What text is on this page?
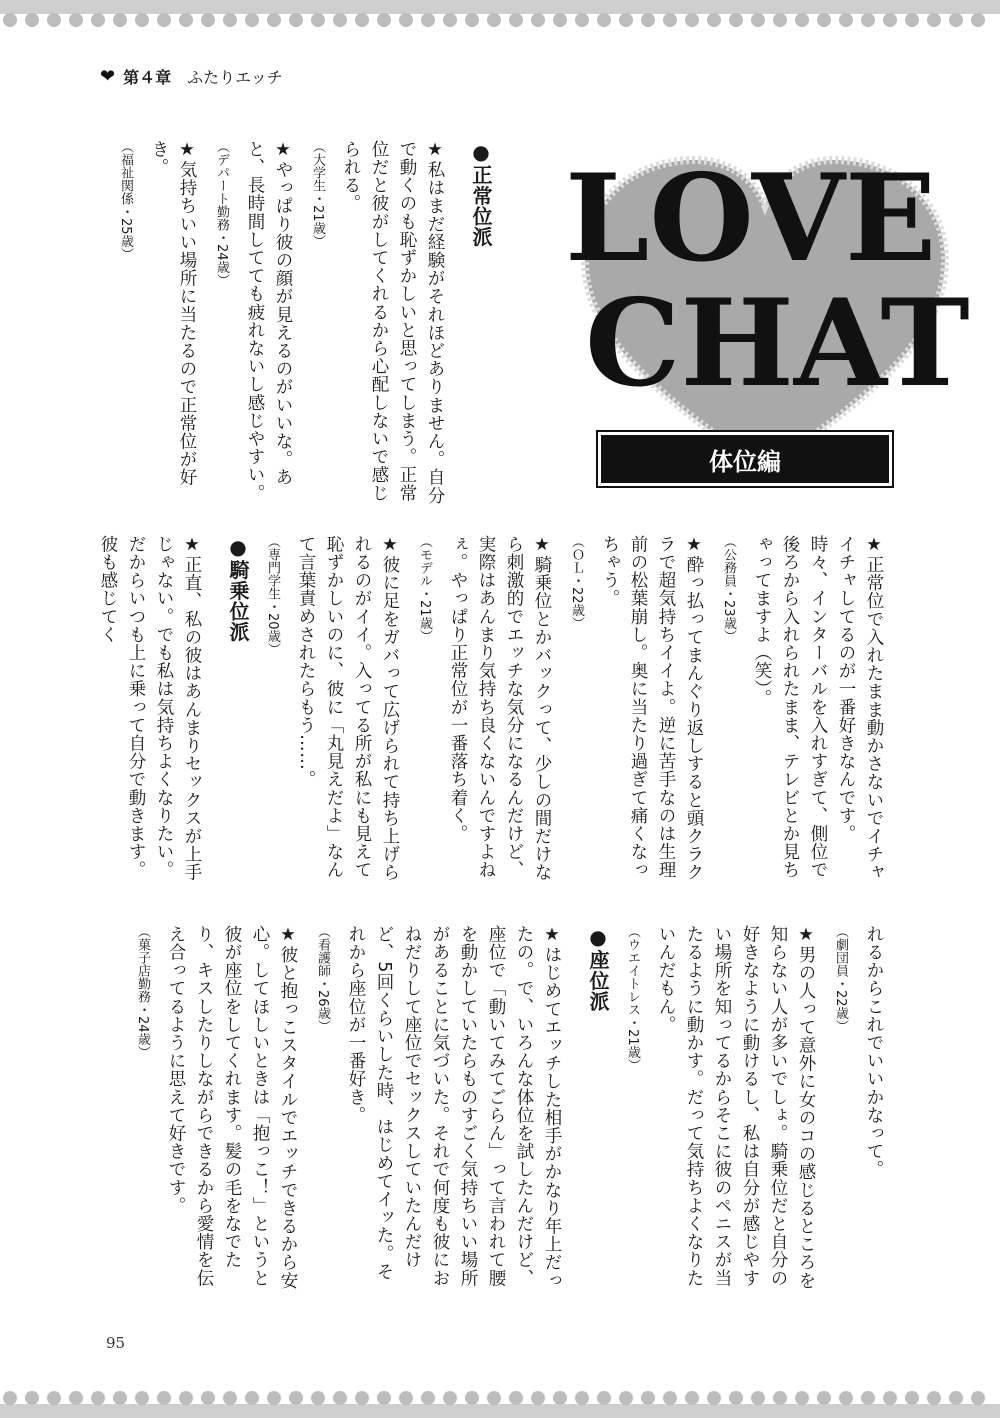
❤ 第４章 ふたりエッチ
LOVE
CHAT
体位編

●正常位派

★私はまだ経験がそれほどありません。自分で動くのも恥ずかしいと思ってしまう。正常位だと彼がしてくれるから心配しないで感じられる。

（大学生・21歳）

★やっぱり彼の顔が見えるのがいいな。あと、長時間してても疲れないし感じやすい。

（デパート勤務・24歳）

★気持ちいい場所に当たるので正常位が好き。

（福祉関係・25歳）

★正常位で入れたまま動かさないでイチャイチャしてるのが一番好きなんです。時々、インターバルを入れすぎて、側位で後ろから入れられたまま、テレビとか見ちゃってますよ（笑）。

（公務員・23歳）

★酔っ払ってまんぐり返しすると頭クラクラで超気持ちイイよ。逆に苦手なのは生理前の松葉崩し。奥に当たり過ぎて痛くなっちゃう。

（ＯＬ・22歳）

★騎乗位とかバックって、少しの間だけなら刺激的でエッチな気分になるんだけど、実際はあんまり気持ち良くないんですよねぇ。やっぱり正常位が一番落ち着く。

（モデル・21歳）

★彼に足をガバって広げられて持ち上げられるのがイイ。入ってる所が私にも見えて恥ずかしいのに、彼に「丸見えだよ」なんて言葉責めされたらもう……。

（専門学生・20歳）

●騎乗位派

★正直、私の彼はあんまりセックスが上手じゃない。でも私は気持ちよくなりたい。だからいつも上に乗って自分で動きます。彼も感じてく

れるからこれでいいかなって。

（劇団員・22歳）

★男の人って意外に女のコの感じるところを知らない人が多いでしょ。騎乗位だと自分の好きなように動けるし、私は自分が感じやすい場所を知ってるからそこに彼のペニスが当たるように動かす。だって気持ちよくなりたいんだもん。

（ウエイトレス・21歳）

●座位派

★はじめてエッチした相手がかなり年上だったの。で、いろんな体位を試したんだけど、座位で「動いてみてごらん」って言われて腰を動かしていたらものすごく気持ちいい場所があることに気づいた。それで何度も彼におねだりして座位でセックスしていたんだけど、5回くらいした時、はじめてイッた。それから座位が一番好き。

（看護師・26歳）

★彼と抱っこスタイルでエッチできるから安心。してほしいときは「抱っこ！」というと彼が座位をしてくれます。髪の毛をなでたり、キスしたりしながらできるから愛情を伝え合ってるように思えて好きです。

（菓子店勤務・24歳）

95
